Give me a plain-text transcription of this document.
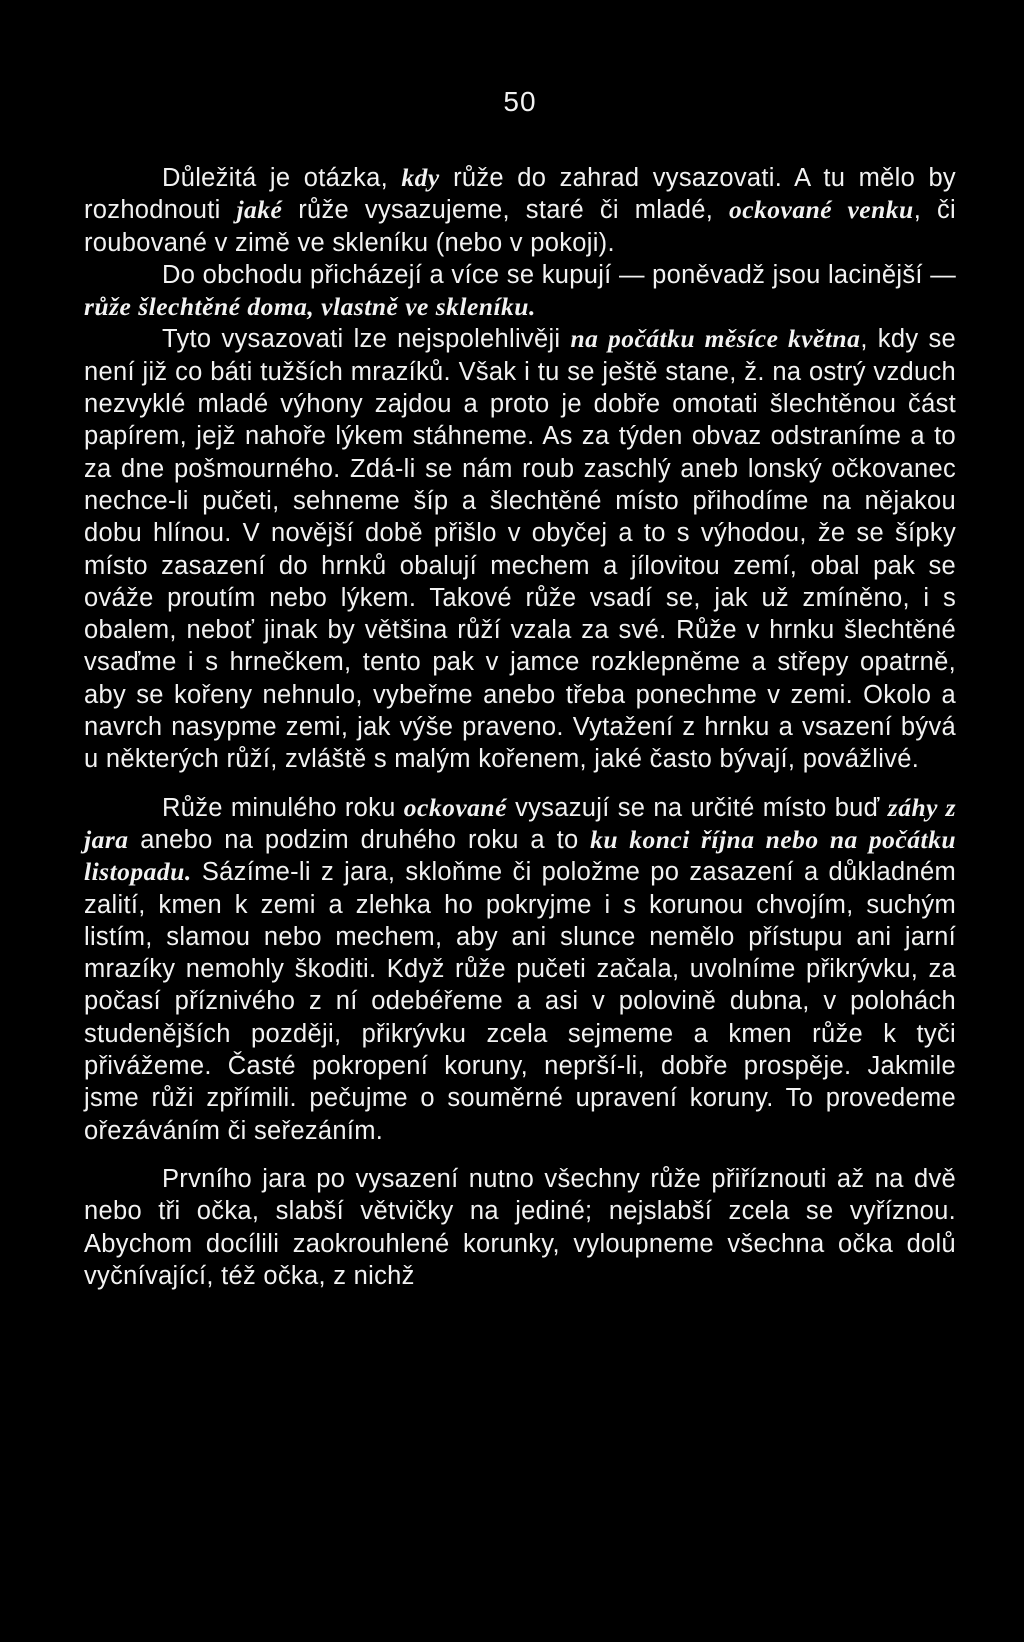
50

Důležitá je otázka, kdy růže do zahrad vysazovati. A tu mělo by rozhodnouti jaké růže vysazujeme, staré či mladé, ockované venku, či roubované v zimě ve skleníku (nebo v pokoji).

Do obchodu přicházejí a více se kupují — poněvadž jsou lacinější — růže šlechtěné doma, vlastně ve skleníku.

Tyto vysazovati lze nejspolehlivěji na počátku měsíce května, kdy se není již co báti tužších mrazíků. Však i tu se ještě stane, ž. na ostrý vzduch nezvyklé mladé výhony zajdou a proto je dobře omotati šlechtěnou část papírem, jejž nahoře lýkem stáhneme. As za týden obvaz odstraníme a to za dne pošmourného. Zdá-li se nám roub zaschlý aneb lonský očkovanec nechce-li pučeti, sehneme šíp a šlechtěné místo přihodíme na nějakou dobu hlínou. V novější době přišlo v obyčej a to s výhodou, že se šípky místo zasazení do hrnků obalují mechem a jílovitou zemí, obal pak se ováže proutím nebo lýkem. Takové růže vsadí se, jak už zmíněno, i s obalem, neboť jinak by většina růží vzala za své. Růže v hrnku šlechtěné vsaďme i s hrnečkem, tento pak v jamce rozklepněme a střepy opatrně, aby se kořeny nehnulo, vybeřme anebo třeba ponechme v zemi. Okolo a navrch nasypme zemi, jak výše praveno. Vytažení z hrnku a vsazení bývá u některých růží, zvláště s malým kořenem, jaké často bývají, povážlivé.

Růže minulého roku ockované vysazují se na určité místo buď záhy z jara anebo na podzim druhého roku a to ku konci října nebo na počátku listopadu. Sázíme-li z jara, skloňme či položme po zasazení a důkladném zalití, kmen k zemi a zlehka ho pokryjme i s korunou chvojím, suchým listím, slamou nebo mechem, aby ani slunce nemělo přístupu ani jarní mrazíky nemohly škoditi. Když růže pučeti začala, uvolníme přikrývku, za počasí příznivého z ní odebéřeme a asi v polovině dubna, v polohách studenějších později, přikrývku zcela sejmeme a kmen růže k tyči přivážeme. Časté pokropení koruny, neprší-li, dobře prospěje. Jakmile jsme růži zpřímili. pečujme o souměrné upravení koruny. To provedeme ořezáváním či seřezáním.

Prvního jara po vysazení nutno všechny růže přiříznouti až na dvě nebo tři očka, slabší větvičky na jediné; nejslabší zcela se vyříznou. Abychom docílili zaokrouhlené korunky, vyloupneme všechna očka dolů vyčnívající, též očka, z nichž
